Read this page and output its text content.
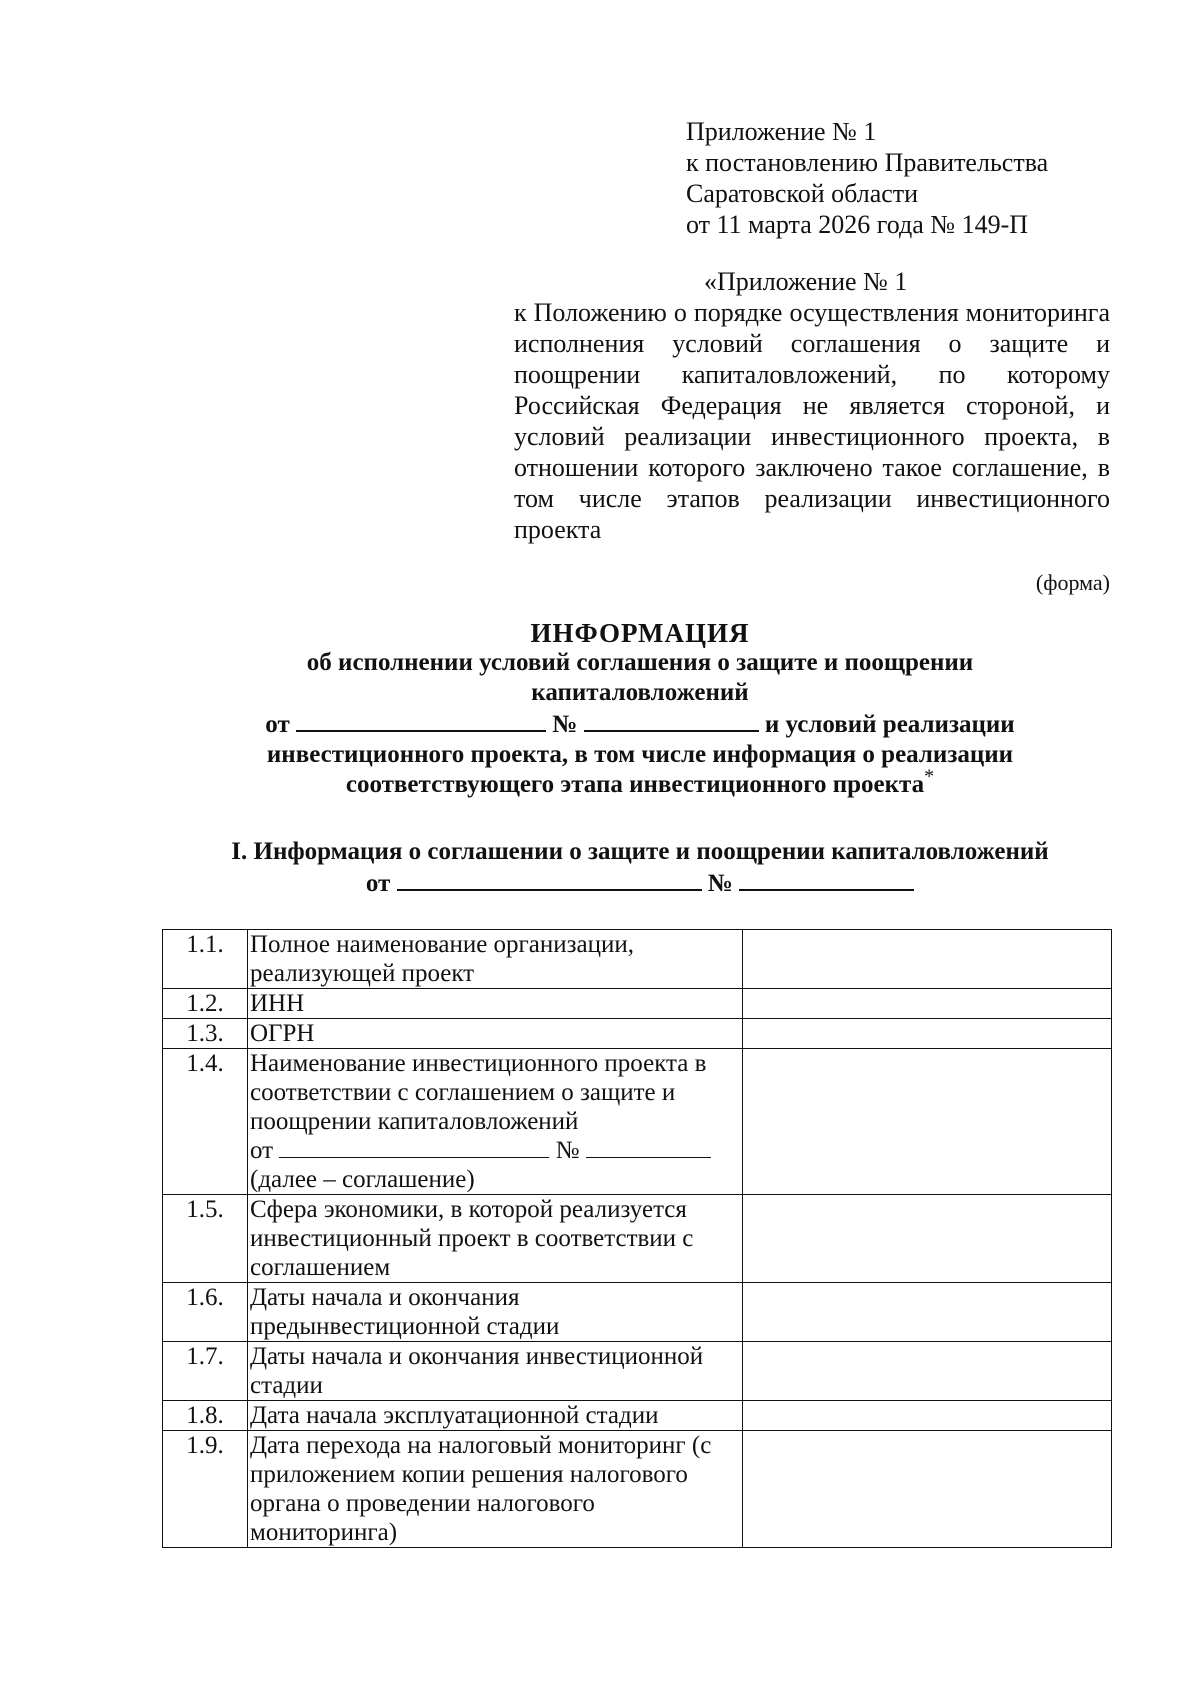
Приложение № 1
к постановлению Правительства
Саратовской области
от 11 марта 2026 года № 149-П
«Приложение № 1
к Положению о порядке осуществления мониторинга исполнения условий соглашения о защите и поощрении капиталовложений, по которому Российская Федерация не является стороной, и условий реализации инвестиционного проекта, в отношении которого заключено такое соглашение, в том числе этапов реализации инвестиционного проекта
(форма)
ИНФОРМАЦИЯ
об исполнении условий соглашения о защите и поощрении
капиталовложений
от	№	и условий реализации
инвестиционного проекта, в том числе информация о реализации
соответствующего этапа инвестиционного проекта*
I. Информация о соглашении о защите и поощрении капиталовложений
от	№
1.1.	Полное наименование организации, реализующей проект	
1.2.	ИНН	
1.3.	ОГРН	
1.4.	Наименование инвестиционного проекта в соответствии с соглашением о защите и поощрении капиталовложений
от №
(далее – соглашение)	
1.5.	Сфера экономики, в которой реализуется инвестиционный проект в соответствии с соглашением	
1.6.	Даты начала и окончания предынвестиционной стадии	
1.7.	Даты начала и окончания инвестиционной стадии	
1.8.	Дата начала эксплуатационной стадии	
1.9.	Дата перехода на налоговый мониторинг (с приложением копии решения налогового органа о проведении налогового мониторинга)	
